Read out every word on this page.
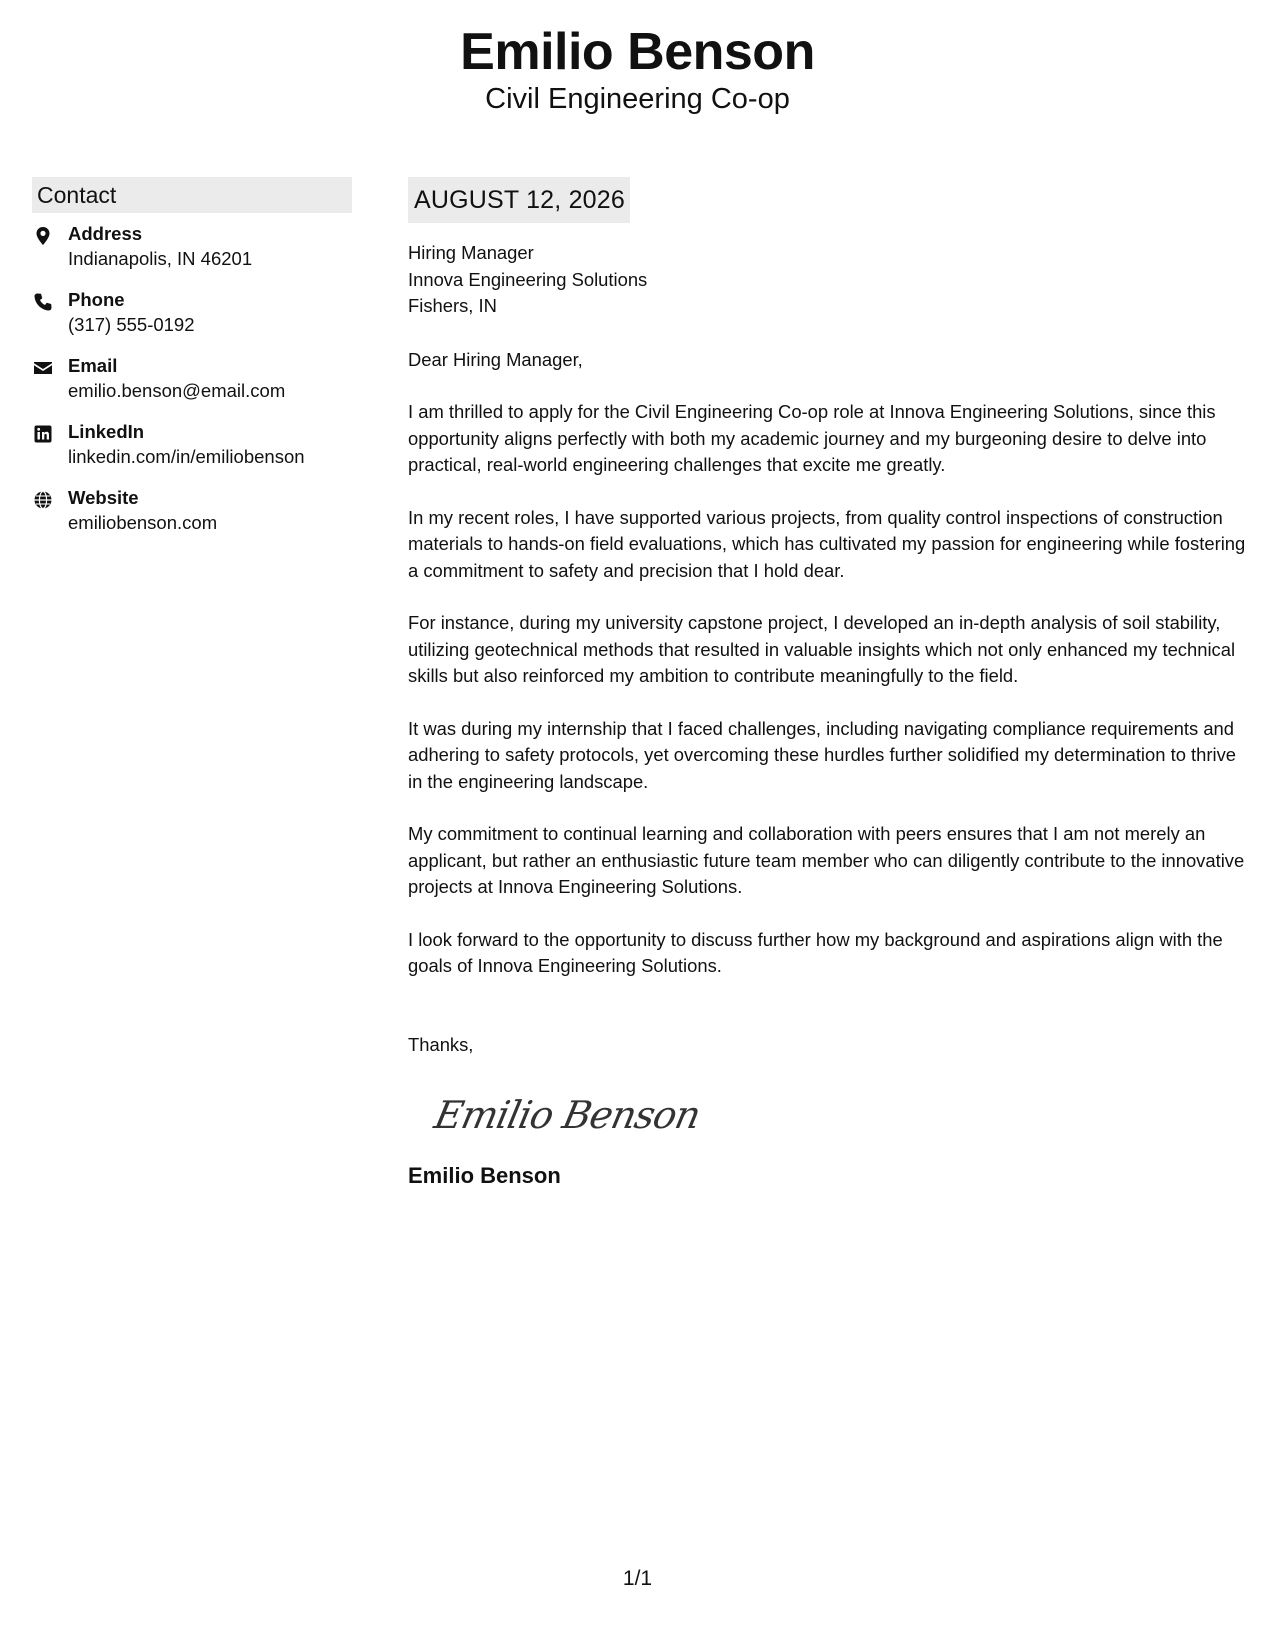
Emilio Benson
Civil Engineering Co-op
Contact
Address
Indianapolis, IN 46201
Phone
(317) 555-0192
Email
emilio.benson@email.com
LinkedIn
linkedin.com/in/emiliobenson
Website
emiliobenson.com
AUGUST 12, 2026
Hiring Manager
Innova Engineering Solutions
Fishers, IN
Dear Hiring Manager,
I am thrilled to apply for the Civil Engineering Co-op role at Innova Engineering Solutions, since this opportunity aligns perfectly with both my academic journey and my burgeoning desire to delve into practical, real-world engineering challenges that excite me greatly.
In my recent roles, I have supported various projects, from quality control inspections of construction materials to hands-on field evaluations, which has cultivated my passion for engineering while fostering a commitment to safety and precision that I hold dear.
For instance, during my university capstone project, I developed an in-depth analysis of soil stability, utilizing geotechnical methods that resulted in valuable insights which not only enhanced my technical skills but also reinforced my ambition to contribute meaningfully to the field.
It was during my internship that I faced challenges, including navigating compliance requirements and adhering to safety protocols, yet overcoming these hurdles further solidified my determination to thrive in the engineering landscape.
My commitment to continual learning and collaboration with peers ensures that I am not merely an applicant, but rather an enthusiastic future team member who can diligently contribute to the innovative projects at Innova Engineering Solutions.
I look forward to the opportunity to discuss further how my background and aspirations align with the goals of Innova Engineering Solutions.
Thanks,
Emilio Benson
Emilio Benson
1/1
